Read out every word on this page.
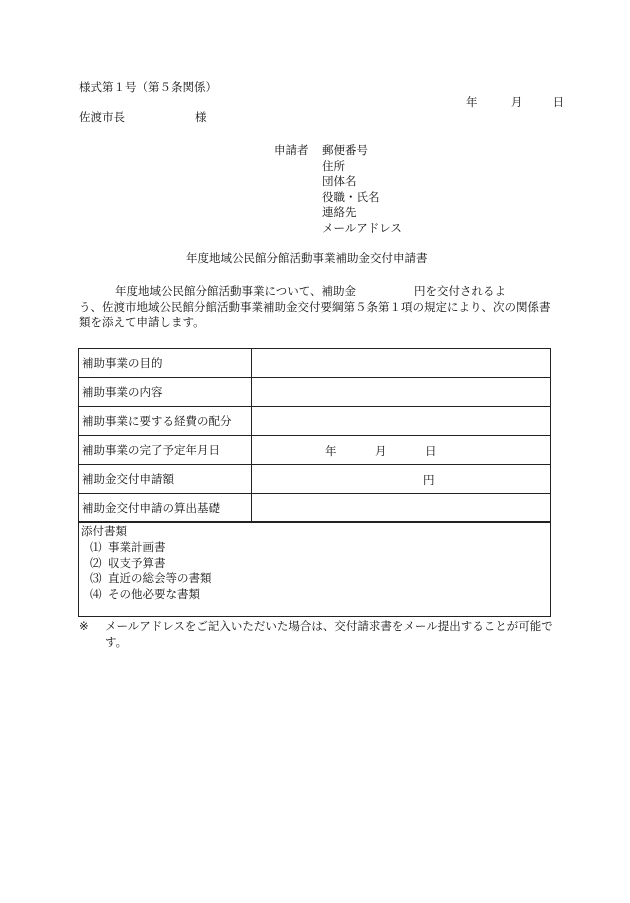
様式第１号（第５条関係）
年	月	日
佐渡市長	様
申請者 郵便番号
住所
団体名
役職・氏名
連絡先
メールアドレス
年度地域公民館分館活動事業補助金交付申請書
年度地域公民館分館活動事業について、補助金	円を交付されるよ
う、佐渡市地域公民館分館活動事業補助金交付要綱第５条第１項の規定により、次の関係書類を添えて申請します。
補助事業の目的	
補助事業の内容	
補助事業に要する経費の配分	
補助事業の完了予定年月日	年 月 日

補助金交付申請額	円

補助金交付申請の算出基礎	
添付書類
⑴ 事業計画書
⑵ 収支予算書
⑶ 直近の総会等の書類
⑷ その他必要な書類
※ メールアドレスをご記入いただいた場合は、交付請求書をメール提出することが可能です。
